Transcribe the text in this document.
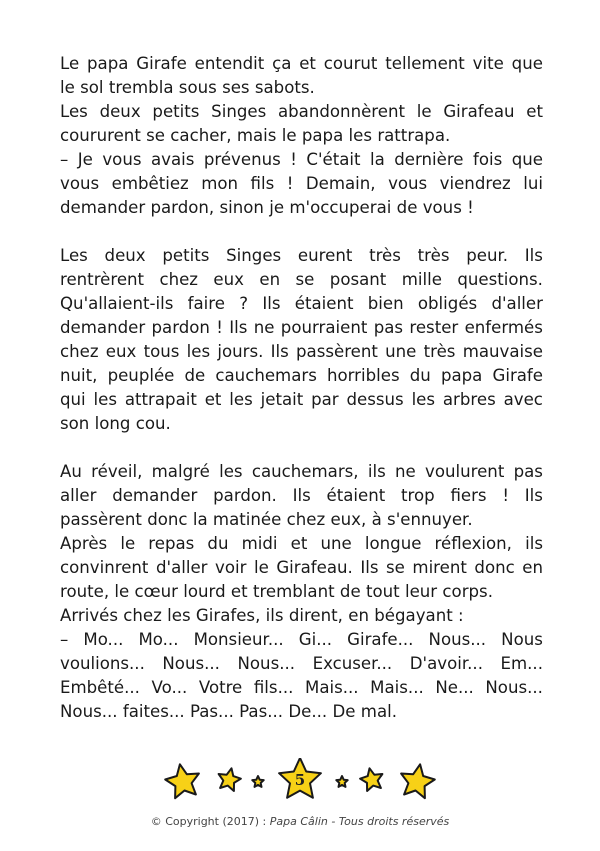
Le papa Girafe entendit ça et courut tellement vite que
le sol trembla sous ses sabots.
Les deux petits Singes abandonnèrent le Girafeau et
coururent se cacher, mais le papa les rattrapa.
– Je vous avais prévenus ! C'était la dernière fois que
vous embêtiez mon fils ! Demain, vous viendrez lui
demander pardon, sinon je m'occuperai de vous !
Les deux petits Singes eurent très très peur. Ils
rentrèrent chez eux en se posant mille questions.
Qu'allaient-ils faire ? Ils étaient bien obligés d'aller
demander pardon ! Ils ne pourraient pas rester enfermés
chez eux tous les jours. Ils passèrent une très mauvaise
nuit, peuplée de cauchemars horribles du papa Girafe
qui les attrapait et les jetait par dessus les arbres avec
son long cou.
Au réveil, malgré les cauchemars, ils ne voulurent pas
aller demander pardon. Ils étaient trop fiers ! Ils
passèrent donc la matinée chez eux, à s'ennuyer.
Après le repas du midi et une longue réflexion, ils
convinrent d'aller voir le Girafeau. Ils se mirent donc en
route, le cœur lourd et tremblant de tout leur corps.
Arrivés chez les Girafes, ils dirent, en bégayant :
– Mo... Mo... Monsieur... Gi... Girafe... Nous... Nous
voulions... Nous... Nous... Excuser... D'avoir... Em...
Embêté... Vo... Votre fils... Mais... Mais... Ne... Nous...
Nous... faites... Pas... Pas... De... De mal.
5
© Copyright (2017) : Papa Câlin - Tous droits réservés
